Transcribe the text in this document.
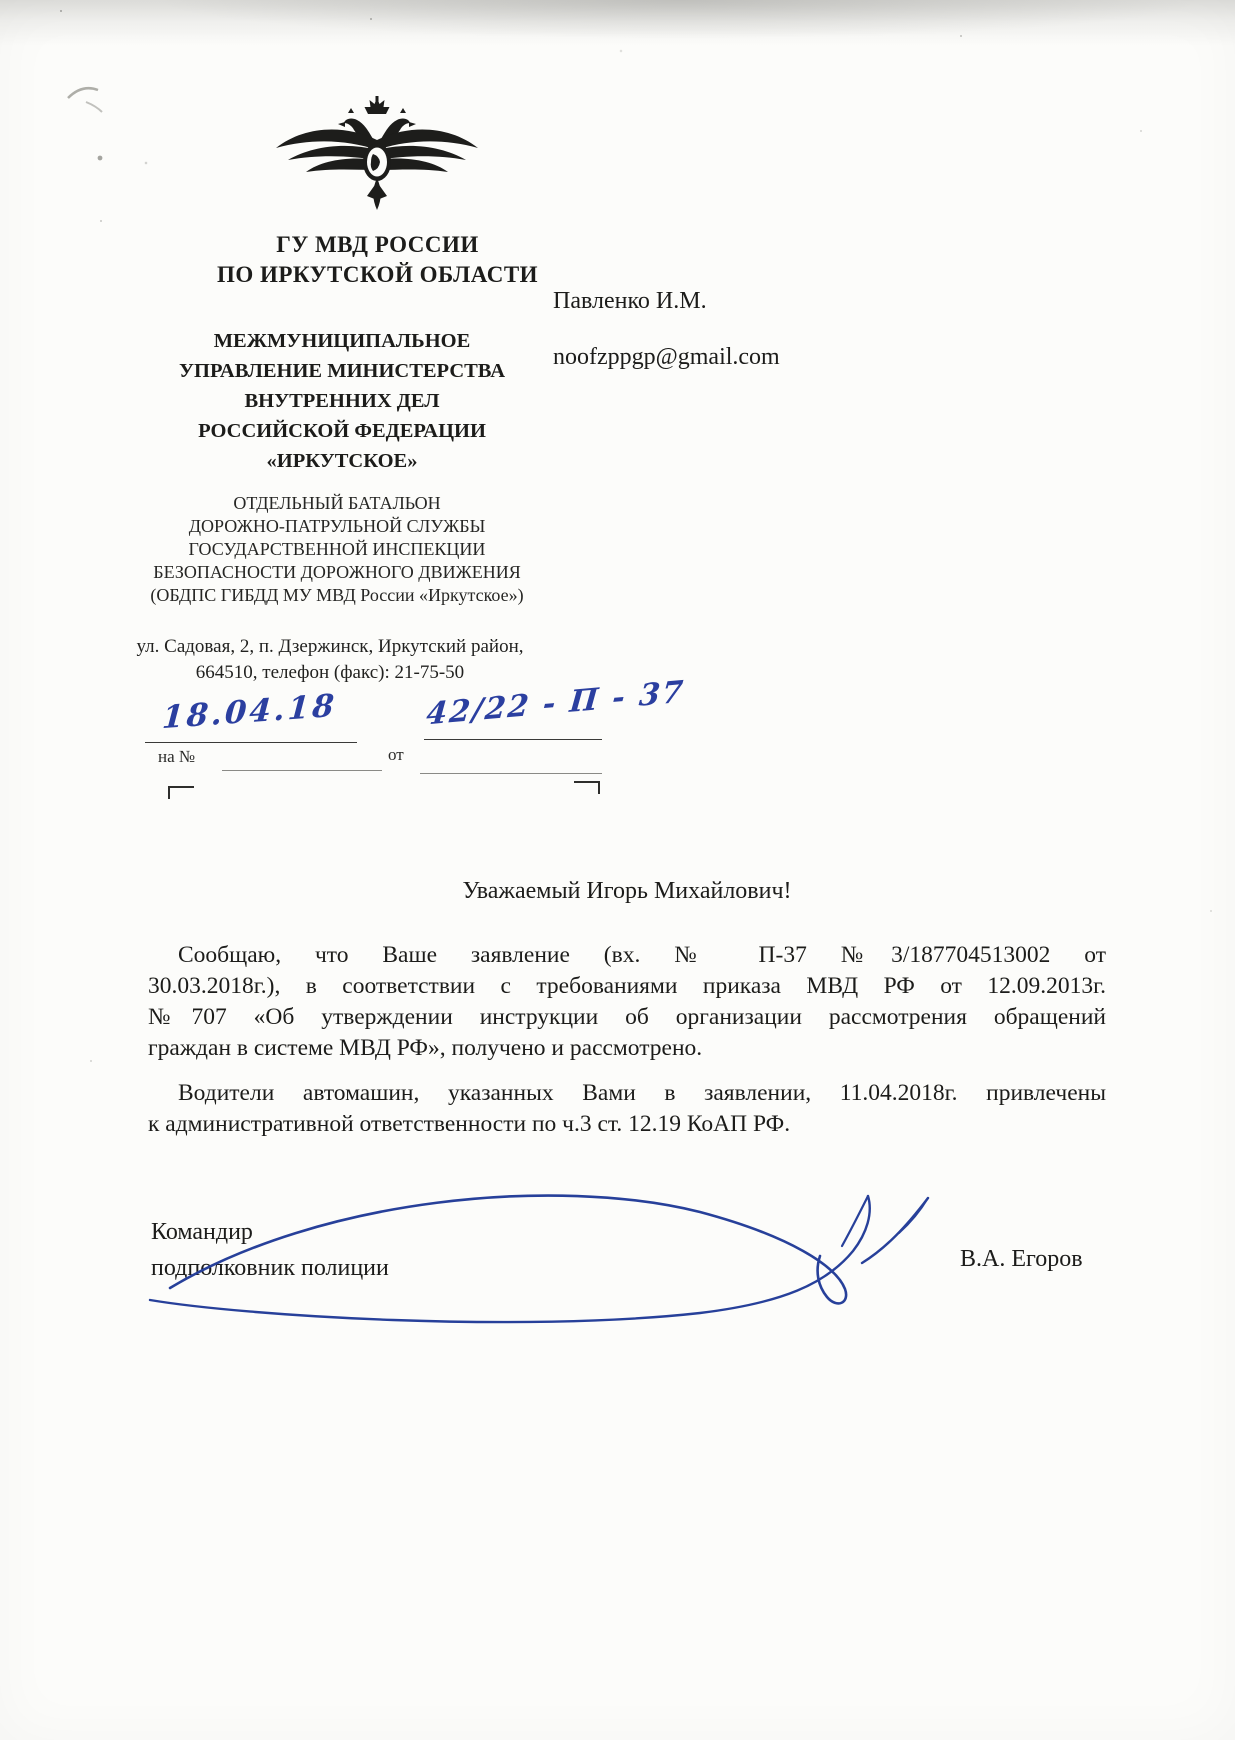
ГУ МВД РОССИИ
ПО ИРКУТСКОЙ ОБЛАСТИ
МЕЖМУНИЦИПАЛЬНОЕ
УПРАВЛЕНИЕ МИНИСТЕРСТВА
ВНУТРЕННИХ ДЕЛ
РОССИЙСКОЙ ФЕДЕРАЦИИ
«ИРКУТСКОЕ»
ОТДЕЛЬНЫЙ БАТАЛЬОН
ДОРОЖНО-ПАТРУЛЬНОЙ СЛУЖБЫ
ГОСУДАРСТВЕННОЙ ИНСПЕКЦИИ
БЕЗОПАСНОСТИ ДОРОЖНОГО ДВИЖЕНИЯ
(ОБДПС ГИБДД МУ МВД России «Иркутское»)
ул. Садовая, 2, п. Дзержинск, Иркутский район,
664510, телефон (факс): 21-75-50
Павленко И.М.
noofzppgp@gmail.com
18.04.18	42/22 - П - 37
на №	от
Уважаемый Игорь Михайлович!
Сообщаю, что Ваше заявление (вх. № П-37 №3/187704513002 от
30.03.2018г.), в соответствии с требованиями приказа МВД РФ от 12.09.2013г.
№707 «Об утверждении инструкции об организации рассмотрения обращений
граждан в системе МВД РФ», получено и рассмотрено.
Водители автомашин, указанных Вами в заявлении, 11.04.2018г. привлечены
к административной ответственности по ч.3 ст. 12.19 КоАП РФ.
Командир
подполковник полиции	В.А. Егоров
